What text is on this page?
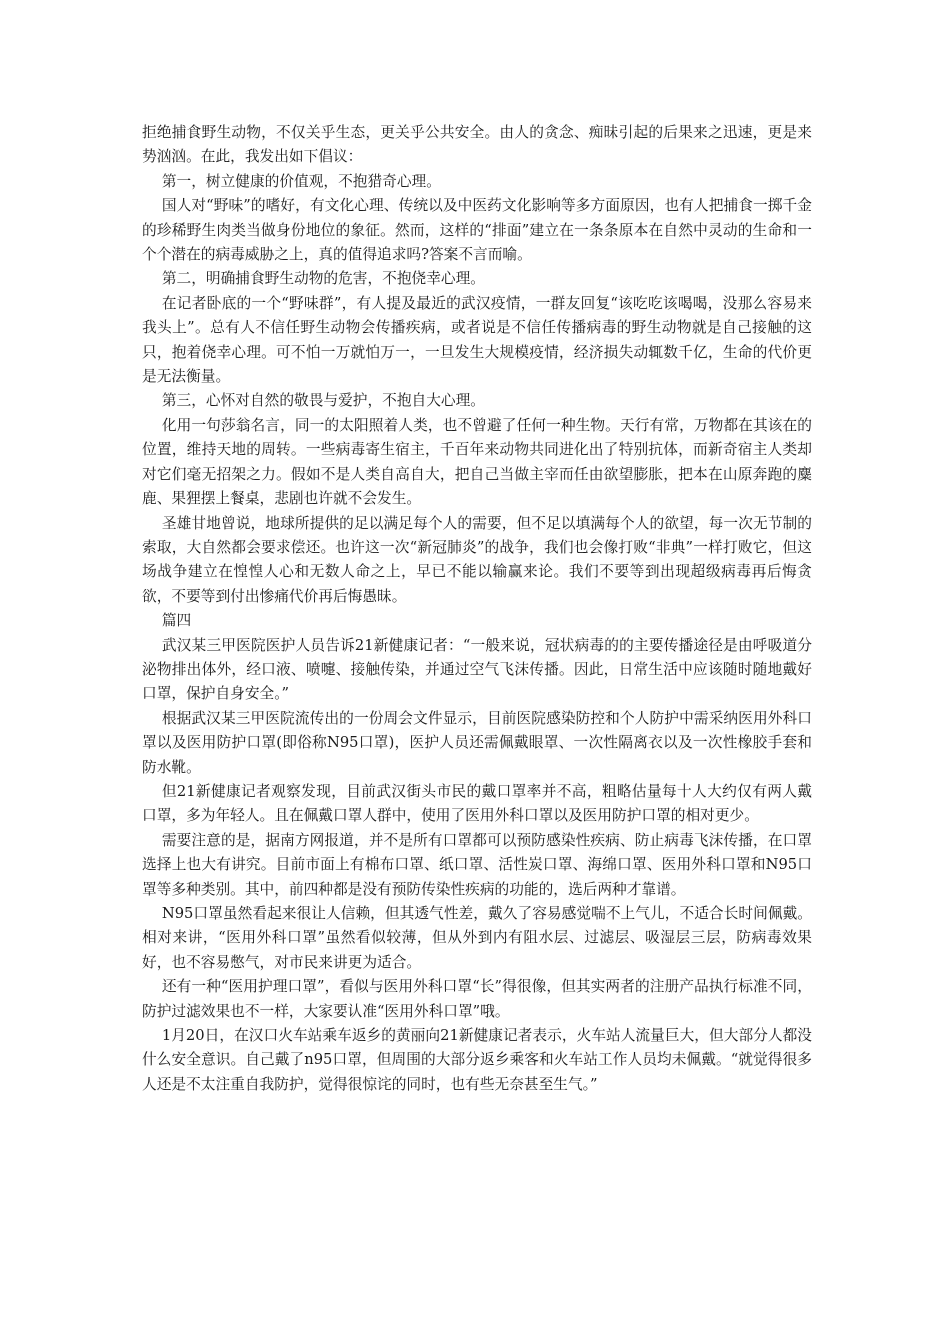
拒绝捕食野生动物，不仅关乎生态，更关乎公共安全。由人的贪念、痴昧引起的后果来之迅速，更是来势汹汹。在此，我发出如下倡议：

第一，树立健康的价值观，不抱猎奇心理。

国人对“野味”的嗜好，有文化心理、传统以及中医药文化影响等多方面原因，也有人把捕食一掷千金的珍稀野生肉类当做身份地位的象征。然而，这样的“排面”建立在一条条原本在自然中灵动的生命和一个个潜在的病毒威胁之上，真的值得追求吗?答案不言而喻。

第二，明确捕食野生动物的危害，不抱侥幸心理。

在记者卧底的一个“野味群”，有人提及最近的武汉疫情，一群友回复“该吃吃该喝喝，没那么容易来我头上”。总有人不信任野生动物会传播疾病，或者说是不信任传播病毒的野生动物就是自己接触的这只，抱着侥幸心理。可不怕一万就怕万一，一旦发生大规模疫情，经济损失动辄数千亿，生命的代价更是无法衡量。

第三，心怀对自然的敬畏与爱护，不抱自大心理。

化用一句莎翁名言，同一的太阳照着人类，也不曾避了任何一种生物。天行有常，万物都在其该在的位置，维持天地的周转。一些病毒寄生宿主，千百年来动物共同进化出了特别抗体，而新奇宿主人类却对它们毫无招架之力。假如不是人类自高自大，把自己当做主宰而任由欲望膨胀，把本在山原奔跑的麋鹿、果狸摆上餐桌，悲剧也许就不会发生。

圣雄甘地曾说，地球所提供的足以满足每个人的需要，但不足以填满每个人的欲望，每一次无节制的索取，大自然都会要求偿还。也许这一次“新冠肺炎”的战争，我们也会像打败“非典”一样打败它，但这场战争建立在惶惶人心和无数人命之上，早已不能以输赢来论。我们不要等到出现超级病毒再后悔贪欲，不要等到付出惨痛代价再后悔愚昧。

篇四

武汉某三甲医院医护人员告诉21新健康记者：“一般来说，冠状病毒的的主要传播途径是由呼吸道分泌物排出体外，经口液、喷嚏、接触传染，并通过空气飞沫传播。因此，日常生活中应该随时随地戴好口罩，保护自身安全。”

根据武汉某三甲医院流传出的一份周会文件显示，目前医院感染防控和个人防护中需采纳医用外科口罩以及医用防护口罩(即俗称N95口罩)，医护人员还需佩戴眼罩、一次性隔离衣以及一次性橡胶手套和防水靴。

但21新健康记者观察发现，目前武汉街头市民的戴口罩率并不高，粗略估量每十人大约仅有两人戴口罩，多为年轻人。且在佩戴口罩人群中，使用了医用外科口罩以及医用防护口罩的相对更少。

需要注意的是，据南方网报道，并不是所有口罩都可以预防感染性疾病、防止病毒飞沫传播，在口罩选择上也大有讲究。目前市面上有棉布口罩、纸口罩、活性炭口罩、海绵口罩、医用外科口罩和N95口罩等多种类别。其中，前四种都是没有预防传染性疾病的功能的，选后两种才靠谱。

N95口罩虽然看起来很让人信赖，但其透气性差，戴久了容易感觉喘不上气儿，不适合长时间佩戴。相对来讲，“医用外科口罩”虽然看似较薄，但从外到内有阻水层、过滤层、吸湿层三层，防病毒效果好，也不容易憋气，对市民来讲更为适合。

还有一种“医用护理口罩”，看似与医用外科口罩“长”得很像，但其实两者的注册产品执行标准不同，防护过滤效果也不一样，大家要认准“医用外科口罩”哦。

1月20日，在汉口火车站乘车返乡的黄丽向21新健康记者表示，火车站人流量巨大，但大部分人都没什么安全意识。自己戴了n95口罩，但周围的大部分返乡乘客和火车站工作人员均未佩戴。“就觉得很多人还是不太注重自我防护，觉得很惊诧的同时，也有些无奈甚至生气。”
